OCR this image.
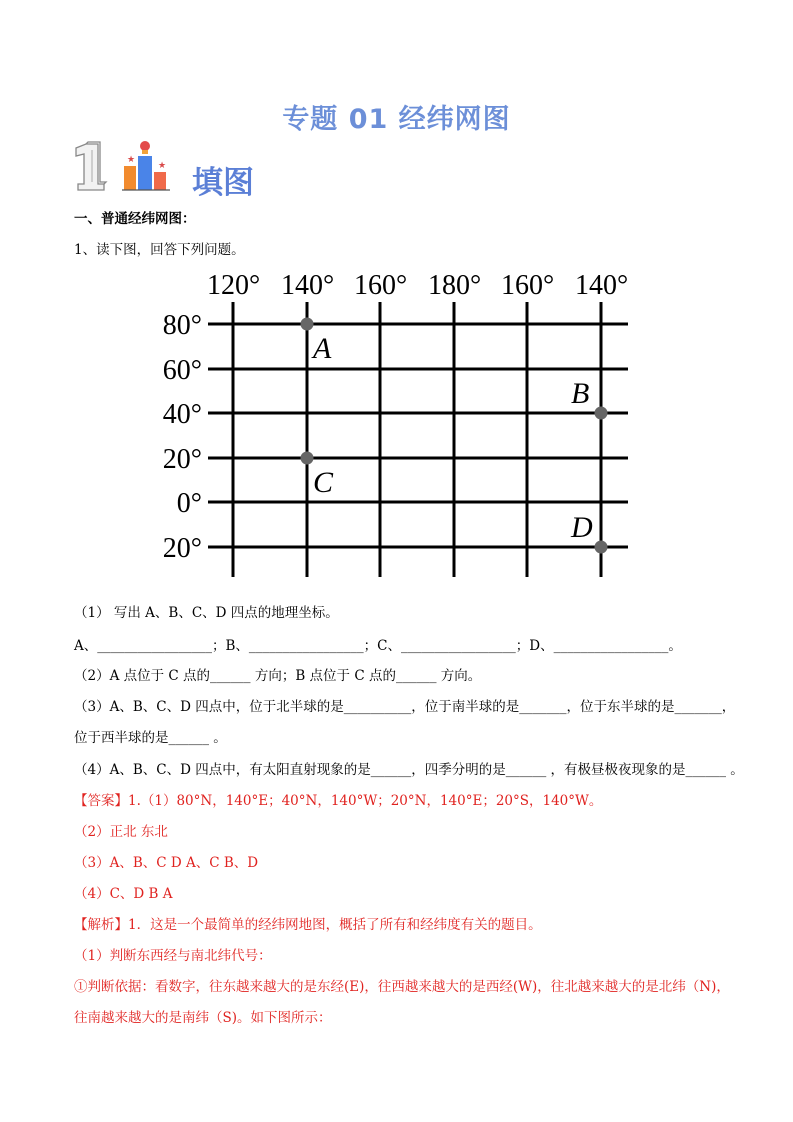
专题 01 经纬网图
★
★ 填图
一、普通经纬网图：
1、读下图，回答下列问题。
120° 140° 160° 180° 160° 140°
80°
60°
40°
20°
0°
20°
A
B
C
D
（1） 写出 A、B、C、D 四点的地理坐标。
A、_________________；B、_________________；C、_________________；D、_________________。
（2）A 点位于 C 点的______ 方向；B 点位于 C 点的______ 方向。
（3）A、B、C、D 四点中，位于北半球的是__________，位于南半球的是_______，位于东半球的是_______，
位于西半球的是______ 。
（4）A、B、C、D 四点中，有太阳直射现象的是______，四季分明的是______ ，有极昼极夜现象的是______ 。
【答案】1.（1）80°N，140°E；40°N，140°W；20°N，140°E；20°S，140°W。
（2）正北 东北
（3）A、B、C D A、C B、D
（4）C、D B A
【解析】1．这是一个最简单的经纬网地图，概括了所有和经纬度有关的题目。
（1）判断东西经与南北纬代号：
①判断依据：看数字，往东越来越大的是东经(E)，往西越来越大的是西经(W)，往北越来越大的是北纬（N)，
往南越来越大的是南纬（S)。如下图所示：
